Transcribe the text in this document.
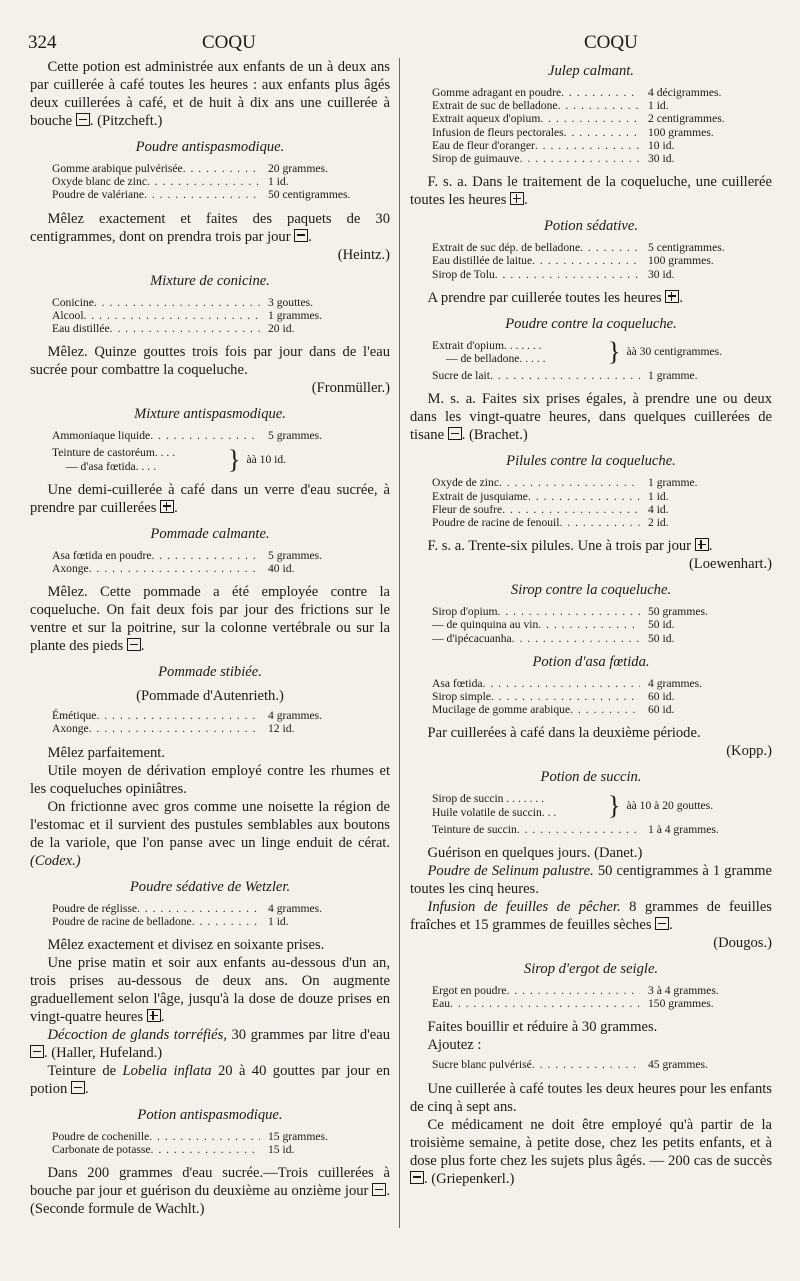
324	COQU	COQU

Cette potion est administrée aux enfants de un à deux ans par cuillerée à café toutes les heures : aux enfants plus âgés deux cuillerées à café, et de huit à dix ans une cuillerée à bouche . (Pitzcheft.)

Poudre antispasmodique.

Gomme arabique pulvérisée . . .	20 grammes.
Oxyde blanc de zinc . . .	1 id.
Poudre de valériane . . .	50 centigrammes.

Mêlez exactement et faites des paquets de 30 centigrammes, dont on prendra trois par jour .

(Heintz.)

Mixture de conicine.

Conicine . . .	3 gouttes.
Alcool . . .	1 grammes.
Eau distillée . . .	20 id.

Mêlez. Quinze gouttes trois fois par jour dans de l'eau sucrée pour combattre la coqueluche.

(Fronmüller.)

Mixture antispasmodique.

Ammoniaque liquide . . .	5 grammes.
Teinture de castoréum. . . .
— d'asa fœtida. . . .	} àà 10 id.

Une demi-cuillerée à café dans un verre d'eau sucrée, à prendre par cuillerées .

Pommade calmante.

Asa fœtida en poudre . . .	5 grammes.
Axonge . . .	40 id.

Mêlez. Cette pommade a été employée contre la coqueluche. On fait deux fois par jour des frictions sur le ventre et sur la poitrine, sur la colonne vertébrale ou sur la plante des pieds .

Pommade stibiée.

(Pommade d'Autenrieth.)

Émétique . . .	4 grammes.
Axonge . . .	12 id.

Mêlez parfaitement.

Utile moyen de dérivation employé contre les rhumes et les coqueluches opiniâtres.

On frictionne avec gros comme une noisette la région de l'estomac et il survient des pustules semblables aux boutons de la variole, que l'on panse avec un linge enduit de cérat. (Codex.)

Poudre sédative de Wetzler.

Poudre de réglisse . . .	4 grammes.
Poudre de racine de belladone . . .	1 id.

Mêlez exactement et divisez en soixante prises.

Une prise matin et soir aux enfants au-dessous d'un an, trois prises au-dessous de deux ans. On augmente graduellement selon l'âge, jusqu'à la dose de douze prises en vingt-quatre heures .

Décoction de glands torréfiés, 30 grammes par litre d'eau . (Haller, Hufeland.)

Teinture de Lobelia inflata 20 à 40 gouttes par jour en potion .

Potion antispasmodique.

Poudre de cochenille . . .	15 grammes.
Carbonate de potasse . . .	15 id.

Dans 200 grammes d'eau sucrée.—Trois cuillerées à bouche par jour et guérison du deuxième au onzième jour . (Seconde formule de Wachlt.)

Julep calmant.

Gomme adragant en poudre . . .	4 décigrammes.
Extrait de suc de belladone . . .	1 id.
Extrait aqueux d'opium . . .	2 centigrammes.
Infusion de fleurs pectorales . . .	100 grammes.
Eau de fleur d'oranger . . .	10 id.
Sirop de guimauve . . .	30 id.

F. s. a. Dans le traitement de la coqueluche, une cuillerée toutes les heures .

Potion sédative.

Extrait de suc dép. de belladone . . .	5 centigrammes.
Eau distillée de laitue . . .	100 grammes.
Sirop de Tolu . . .	30 id.

A prendre par cuillerée toutes les heures .

Poudre contre la coqueluche.

Extrait d'opium. . . . . . .
— de belladone. . . . .	} àà 30 centigrammes.
Sucre de lait . . .	1 gramme.

M. s. a. Faites six prises égales, à prendre une ou deux dans les vingt-quatre heures, dans quelques cuillerées de tisane . (Brachet.)

Pilules contre la coqueluche.

Oxyde de zinc . . .	1 gramme.
Extrait de jusquiame . . .	1 id.
Fleur de soufre . . .	4 id.
Poudre de racine de fenouil . . .	2 id.

F. s. a. Trente-six pilules. Une à trois par jour .

(Loewenhart.)

Sirop contre la coqueluche.

Sirop d'opium . . .	50 grammes.
— de quinquina au vin . . .	50 id.
— d'ipécacuanha . . .	50 id.

Potion d'asa fœtida.

Asa fœtida . . .	4 grammes.
Sirop simple . . .	60 id.
Mucilage de gomme arabique . . .	60 id.

Par cuillerées à café dans la deuxième période.

(Kopp.)

Potion de succin.

Sirop de succin . . . . . . .
Huile volatile de succin. . .	} àà 10 à 20 gouttes.
Teinture de succin . . .	1 à 4 grammes.

Guérison en quelques jours. (Danet.)

Poudre de Selinum palustre. 50 centigrammes à 1 gramme toutes les cinq heures.

Infusion de feuilles de pêcher. 8 grammes de feuilles fraîches et 15 grammes de feuilles sèches .

(Dougos.)

Sirop d'ergot de seigle.

Ergot en poudre . . .	3 à 4 grammes.
Eau . . .	150 grammes.

Faites bouillir et réduire à 30 grammes.

Ajoutez :

Sucre blanc pulvérisé . . .	45 grammes.

Une cuillerée à café toutes les deux heures pour les enfants de cinq à sept ans.

Ce médicament ne doit être employé qu'à partir de la troisième semaine, à petite dose, chez les petits enfants, et à dose plus forte chez les sujets plus âgés. — 200 cas de succès . (Griepenkerl.)
